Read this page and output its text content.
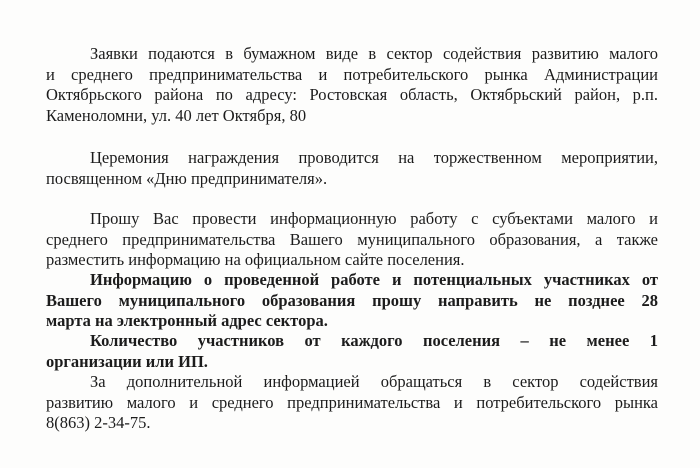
Заявки подаются в бумажном виде в сектор содействия развитию малого
и среднего предпринимательства и потребительского рынка Администрации
Октябрьского района по адресу: Ростовская область, Октябрьский район, р.п.
Каменоломни, ул. 40 лет Октября, 80
Церемония награждения проводится на торжественном мероприятии,
посвященном «Дню предпринимателя».
Прошу Вас провести информационную работу с субъектами малого и
среднего предпринимательства Вашего муниципального образования, а также
разместить информацию на официальном сайте поселения.
Информацию о проведенной работе и потенциальных участниках от
Вашего муниципального образования прошу направить не позднее 28
марта на электронный адрес сектора.
Количество участников от каждого поселения – не менее 1
организации или ИП.
За дополнительной информацией обращаться в сектор содействия
развитию малого и среднего предпринимательства и потребительского рынка
8(863) 2-34-75.
